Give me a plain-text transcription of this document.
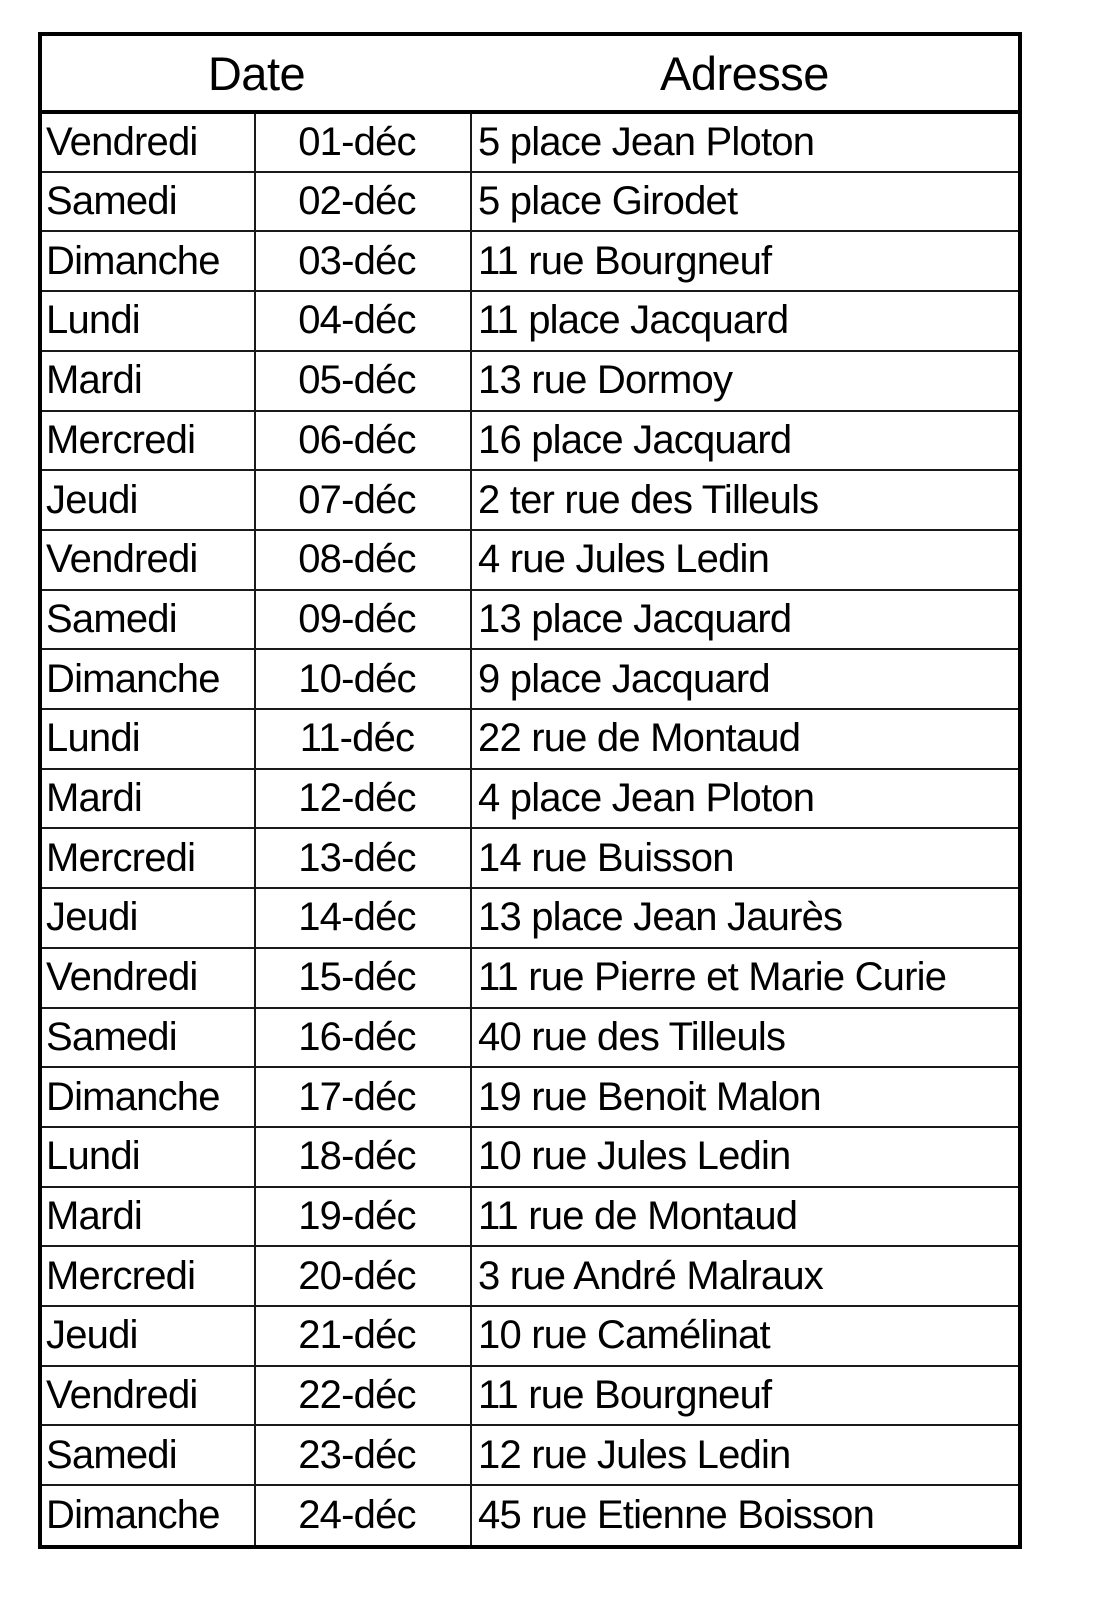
Date		Adresse
Vendredi	01-déc	5 place Jean Ploton
Samedi	02-déc	5 place Girodet
Dimanche	03-déc	11 rue Bourgneuf
Lundi	04-déc	11 place Jacquard
Mardi	05-déc	13 rue Dormoy
Mercredi	06-déc	16 place Jacquard
Jeudi	07-déc	2 ter rue des Tilleuls
Vendredi	08-déc	4 rue Jules Ledin
Samedi	09-déc	13 place Jacquard
Dimanche	10-déc	9 place Jacquard
Lundi	11-déc	22 rue de Montaud
Mardi	12-déc	4 place Jean Ploton
Mercredi	13-déc	14 rue Buisson
Jeudi	14-déc	13 place Jean Jaurès
Vendredi	15-déc	11 rue Pierre et Marie Curie
Samedi	16-déc	40 rue des Tilleuls
Dimanche	17-déc	19 rue Benoit Malon
Lundi	18-déc	10 rue Jules Ledin
Mardi	19-déc	11 rue de Montaud
Mercredi	20-déc	3 rue André Malraux
Jeudi	21-déc	10 rue Camélinat
Vendredi	22-déc	11 rue Bourgneuf
Samedi	23-déc	12 rue Jules Ledin
Dimanche	24-déc	45 rue Etienne Boisson
